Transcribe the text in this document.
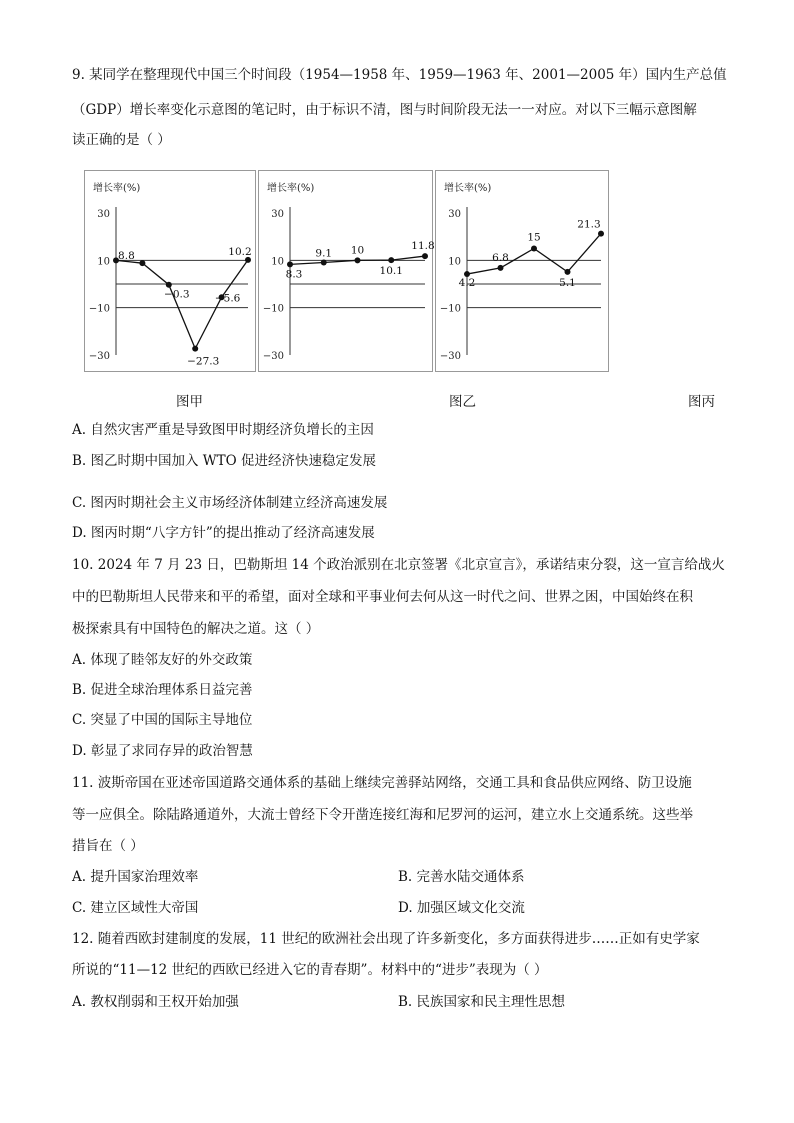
9. 某同学在整理现代中国三个时间段（1954—1958 年、1959—1963 年、2001—2005 年）国内生产总值
（GDP）增长率变化示意图的笔记时，由于标识不清，图与时间阶段无法一一对应。对以下三幅示意图解
读正确的是（ ）
增长率(%)
30
10
−10
−30
8.8
−0.3
−27.3
−5.6
10.2
增长率(%)
30
10
−10
−30
8.3
9.1 10
10.1
11.8
增长率(%)
30
10
−10
−30
4.2
6.8
15
5.1
21.3
图甲	图乙	图丙
A. 自然灾害严重是导致图甲时期经济负增长的主因
B. 图乙时期中国加入 WTO 促进经济快速稳定发展
C. 图丙时期社会主义市场经济体制建立经济高速发展
D. 图丙时期“八字方针”的提出推动了经济高速发展
10. 2024 年 7 月 23 日，巴勒斯坦 14 个政治派别在北京签署《北京宣言》，承诺结束分裂，这一宣言给战火
中的巴勒斯坦人民带来和平的希望，面对全球和平事业何去何从这一时代之问、世界之困，中国始终在积
极探索具有中国特色的解决之道。这（ ）
A. 体现了睦邻友好的外交政策
B. 促进全球治理体系日益完善
C. 突显了中国的国际主导地位
D. 彰显了求同存异的政治智慧
11. 波斯帝国在亚述帝国道路交通体系的基础上继续完善驿站网络，交通工具和食品供应网络、防卫设施
等一应俱全。除陆路通道外，大流士曾经下令开凿连接红海和尼罗河的运河，建立水上交通系统。这些举
措旨在（ ）
A. 提升国家治理效率	B. 完善水陆交通体系
C. 建立区域性大帝国	D. 加强区域文化交流
12. 随着西欧封建制度的发展，11 世纪的欧洲社会出现了许多新变化，多方面获得进步……正如有史学家
所说的“11—12 世纪的西欧已经进入它的青春期”。材料中的“进步”表现为（ ）
A. 教权削弱和王权开始加强	B. 民族国家和民主理性思想
